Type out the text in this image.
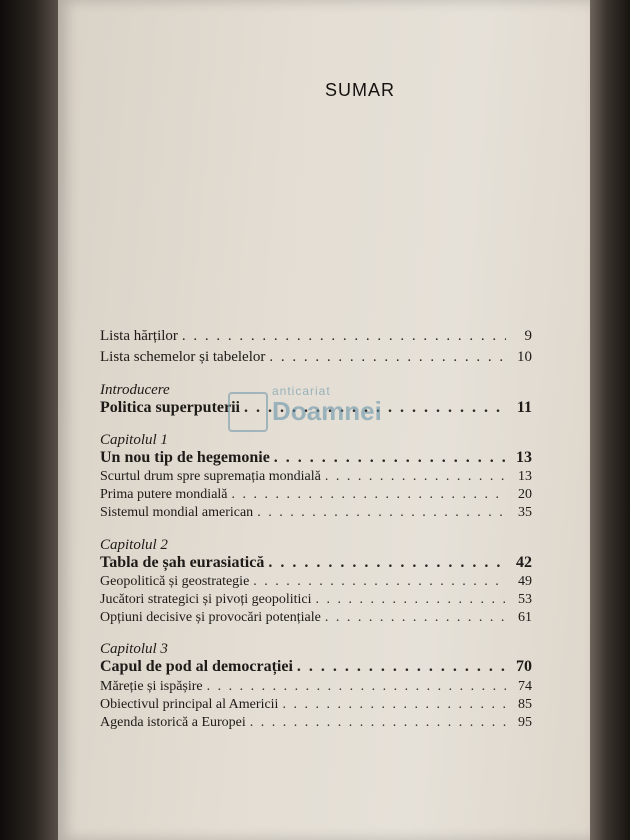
SUMAR
Lista hărților . . .	9
Lista schemelor și tabelelor . . .	10
Introducere
Politica superputerii . . .	11
Capitolul 1
Un nou tip de hegemonie . . .	13
Scurtul drum spre supremația mondială . . .	13
Prima putere mondială . . .	20
Sistemul mondial american . . .	35
Capitolul 2
Tabla de șah eurasiatică . . .	42
Geopolitică și geostrategie . . .	49
Jucători strategici și pivoți geopolitici . . .	53
Opțiuni decisive și provocări potențiale . . .	61
Capitolul 3
Capul de pod al democrației . . .	70
Măreție și ispășire . . .	74
Obiectivul principal al Americii . . .	85
Agenda istorică a Europei . . .	95
anticariat
Doamnei
